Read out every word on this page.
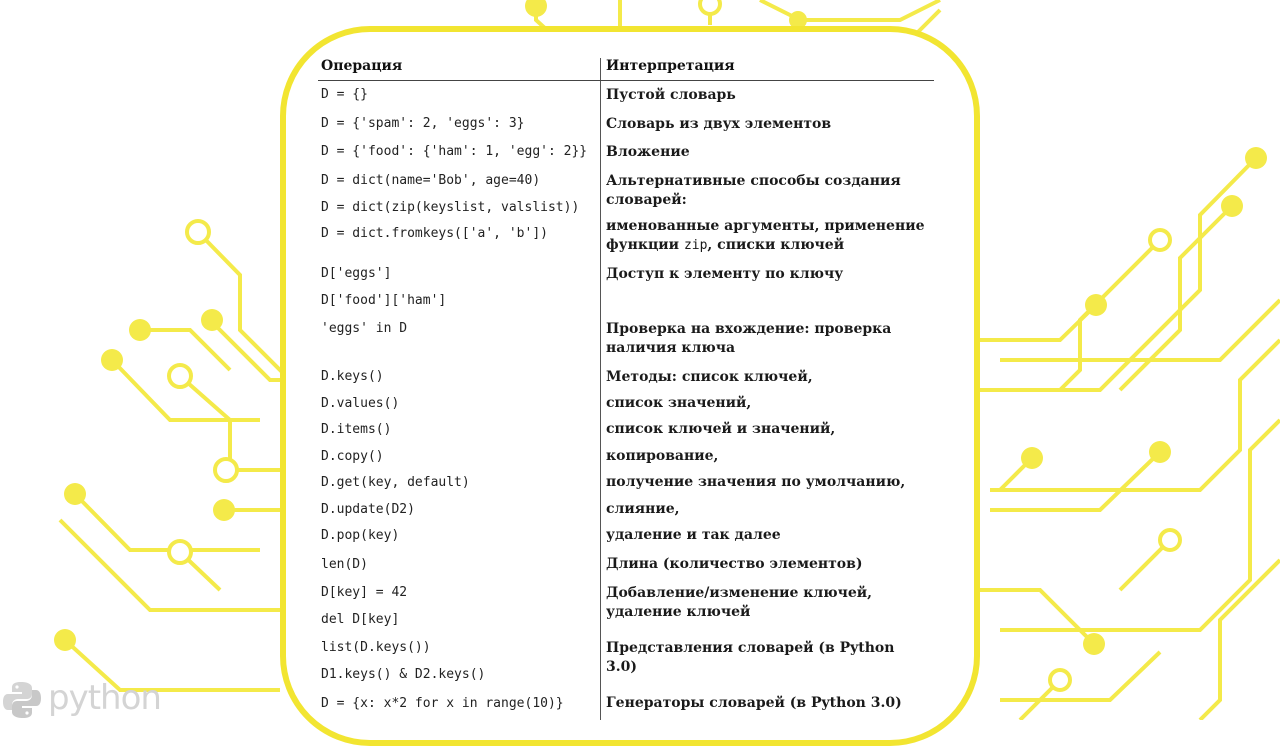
Операция	Интерпретация
D = {}	Пустой словарь
D = {'spam': 2, 'eggs': 3}	Словарь из двух элементов
D = {'food': {'ham': 1, 'egg': 2}} Вложение
D = dict(name='Bob', age=40)	Альтернативные способы создания словарей:
D = dict(zip(keyslist, valslist))
именованные аргументы, применение функции zip, списки ключей
D = dict.fromkeys(['a', 'b'])
D['eggs']	Доступ к элементу по ключу
D['food']['ham']
'eggs' in D	Проверка на вхождение: проверка наличия ключа
D.keys()	Методы: список ключей,
D.values()	список значений,
D.items()	список ключей и значений,
D.copy()	копирование,
D.get(key, default)	получение значения по умолчанию,
D.update(D2)	слияние,
D.pop(key)	удаление и так далее
len(D)	Длина (количество элементов)
D[key] = 42	Добавление/изменение ключей, удаление ключей
del D[key]
list(D.keys())	Представления словарей (в Python 3.0)
D1.keys() & D2.keys()
D = {x: x*2 for x in range(10)}	Генераторы словарей (в Python 3.0)
python
